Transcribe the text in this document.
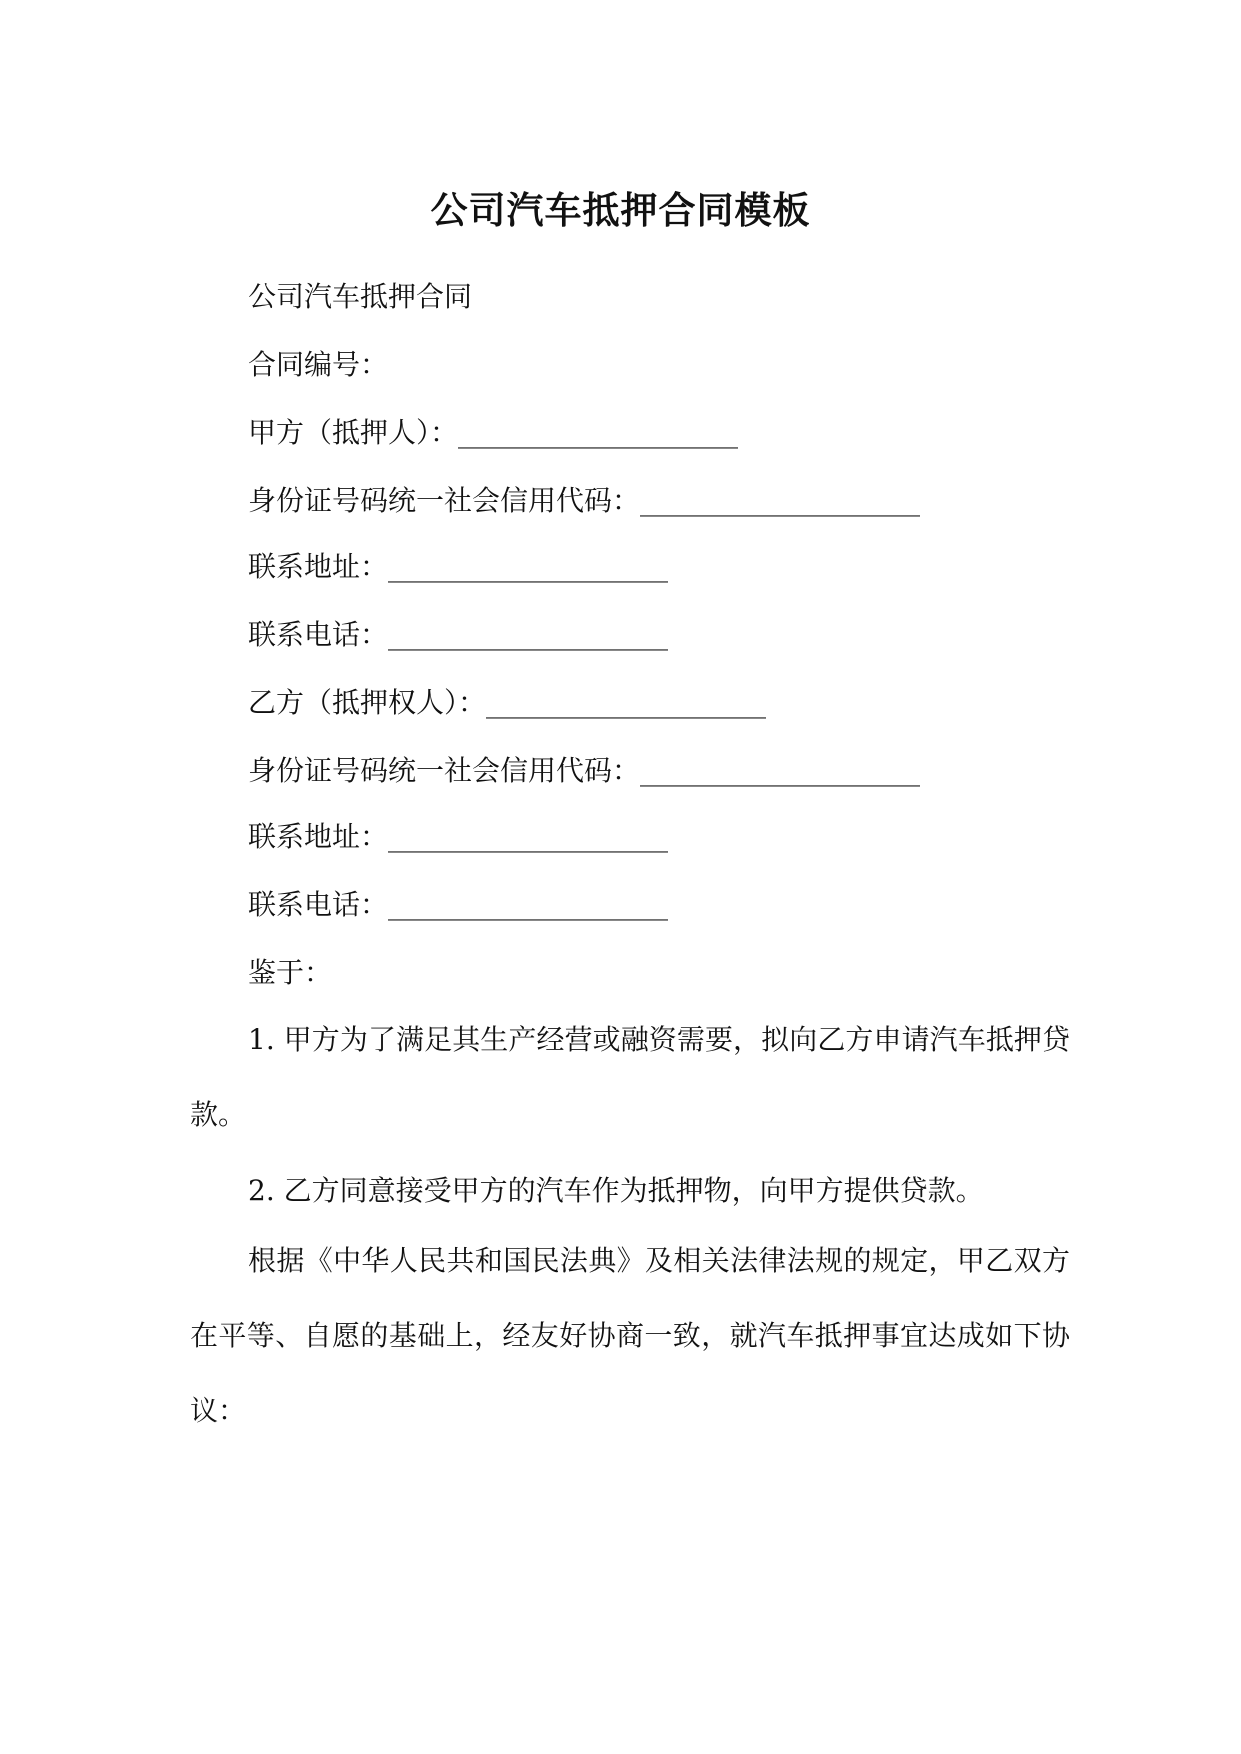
公司汽车抵押合同模板
公司汽车抵押合同
合同编号：
甲方（抵押人）：____________________
身份证号码统一社会信用代码：____________________
联系地址：____________________
联系电话：____________________
乙方（抵押权人）：____________________
身份证号码统一社会信用代码：____________________
联系地址：____________________
联系电话：____________________
鉴于：
1. 甲方为了满足其生产经营或融资需要，拟向乙方申请汽车抵押贷款。
2. 乙方同意接受甲方的汽车作为抵押物，向甲方提供贷款。
根据《中华人民共和国民法典》及相关法律法规的规定，甲乙双方在平等、自愿的基础上，经友好协商一致，就汽车抵押事宜达成如下协议：
